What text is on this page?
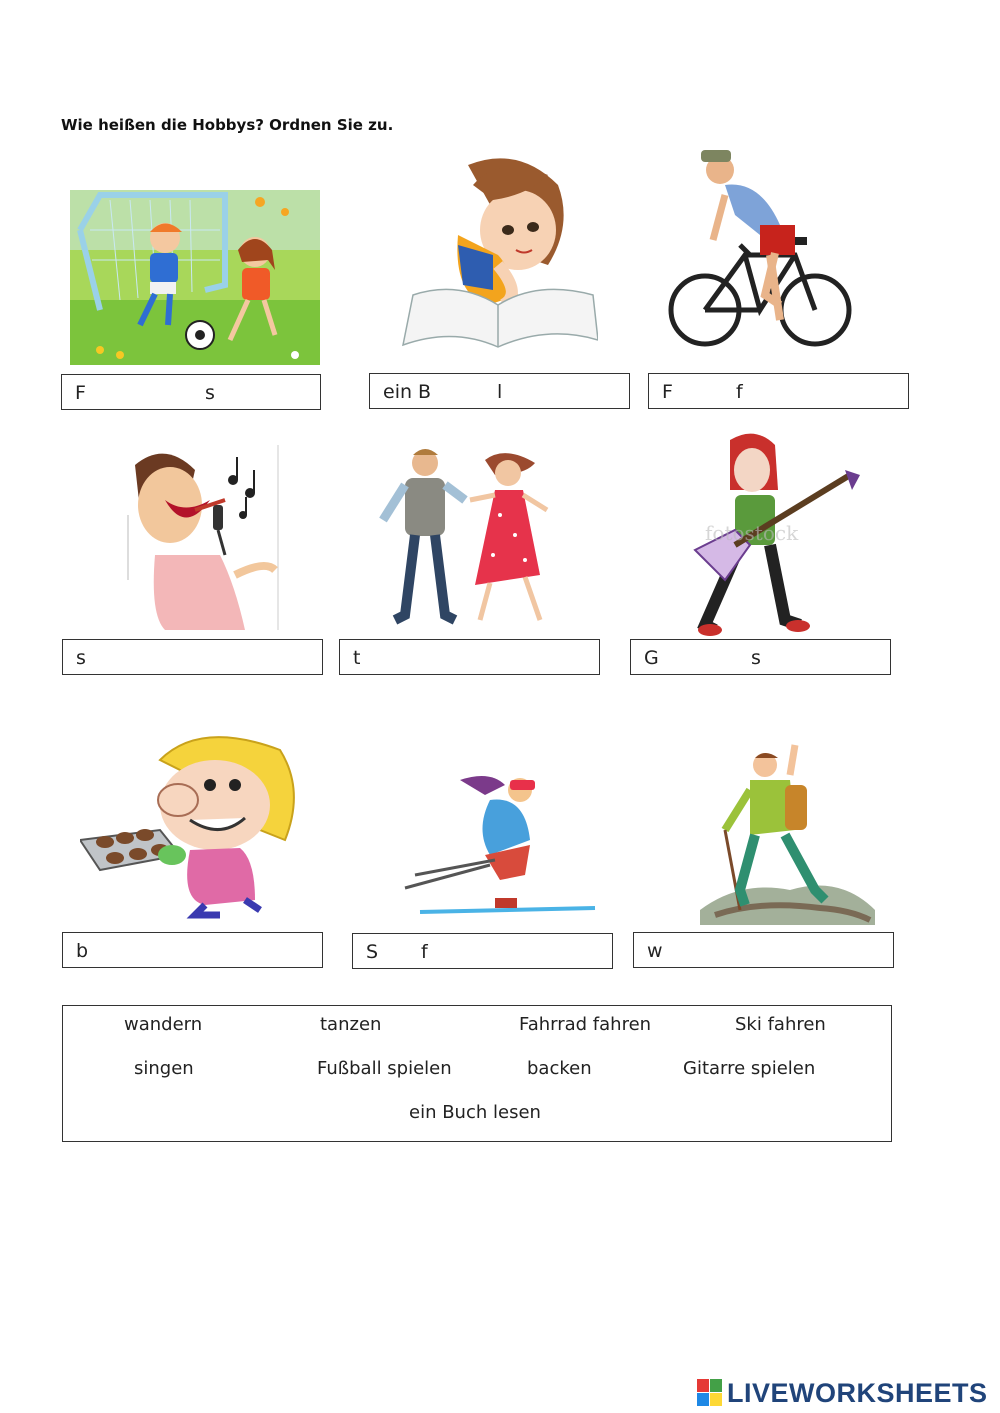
Wie heißen die Hobbys? Ordnen Sie zu.
F	s	ein B	l	F	f
fotostock
s	t	G	s
b	S f	w
wandern	tanzen	Fahrrad fahren	Ski fahren
singen	Fußball spielen	backen	Gitarre spielen
ein Buch lesen
LIVEWORKSHEETS
